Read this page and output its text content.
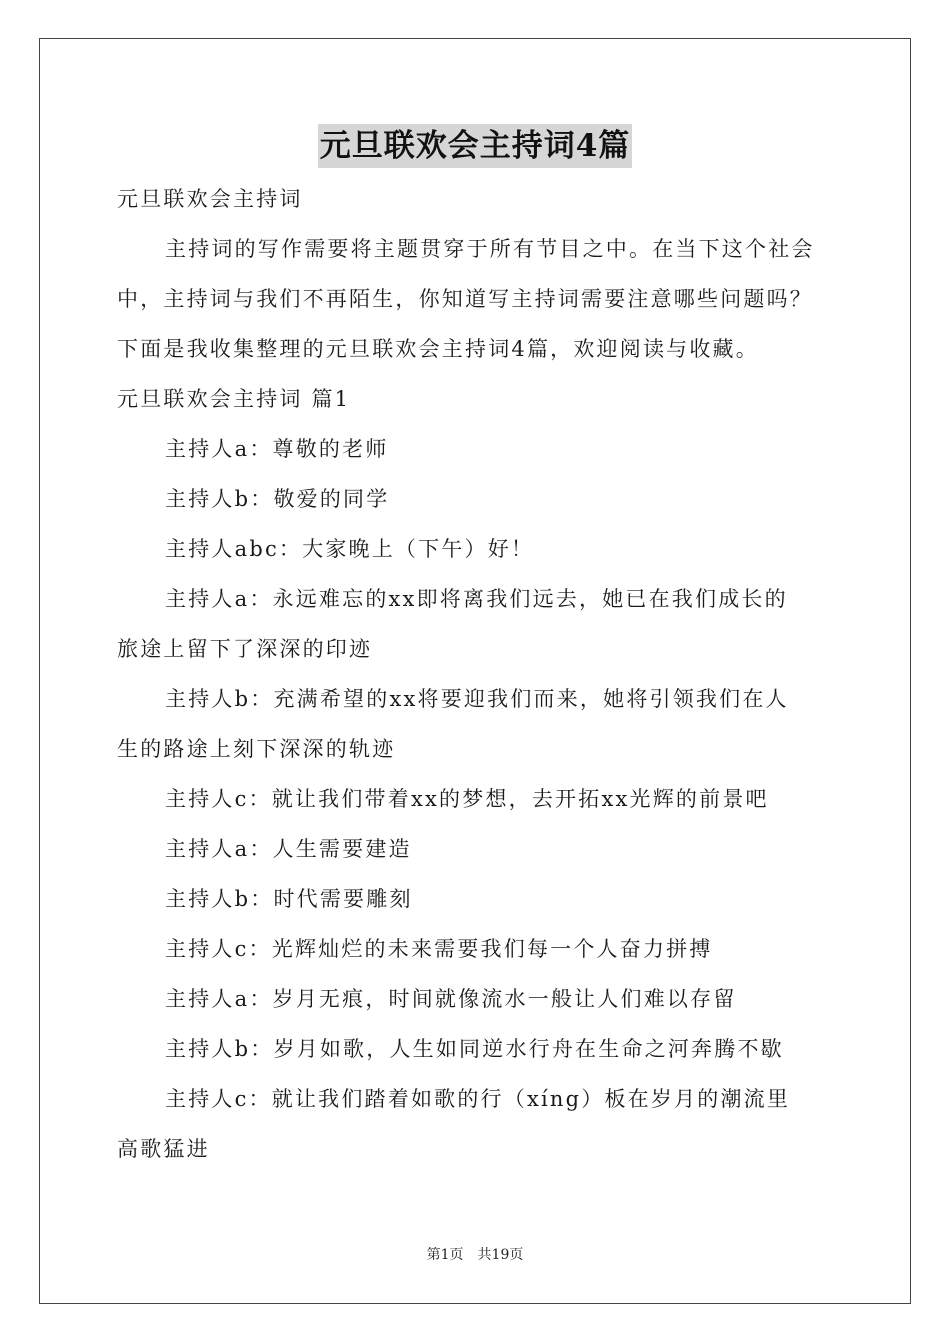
元旦联欢会主持词4篇
元旦联欢会主持词
主持词的写作需要将主题贯穿于所有节目之中。在当下这个社会
中，主持词与我们不再陌生，你知道写主持词需要注意哪些问题吗？
下面是我收集整理的元旦联欢会主持词4篇，欢迎阅读与收藏。
元旦联欢会主持词 篇1
主持人a：尊敬的老师
主持人b：敬爱的同学
主持人abc：大家晚上（下午）好！
主持人a：永远难忘的xx即将离我们远去，她已在我们成长的
旅途上留下了深深的印迹
主持人b：充满希望的xx将要迎我们而来，她将引领我们在人
生的路途上刻下深深的轨迹
主持人c：就让我们带着xx的梦想，去开拓xx光辉的前景吧
主持人a：人生需要建造
主持人b：时代需要雕刻
主持人c：光辉灿烂的未来需要我们每一个人奋力拼搏
主持人a：岁月无痕，时间就像流水一般让人们难以存留
主持人b：岁月如歌，人生如同逆水行舟在生命之河奔腾不歇
主持人c：就让我们踏着如歌的行（xíng）板在岁月的潮流里
高歌猛进
第1页　共19页
